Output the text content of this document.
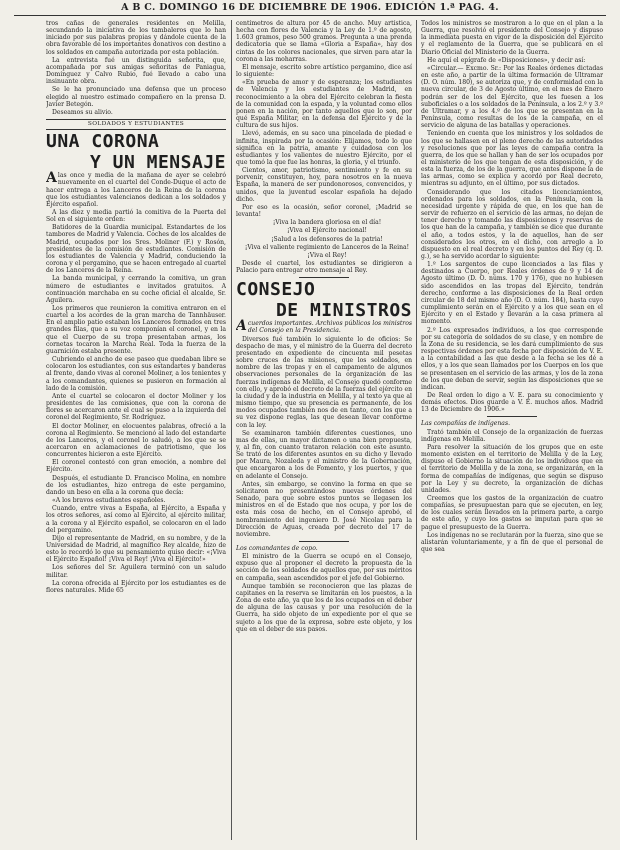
A B C. DOMINGO 16 DE DICIEMBRE DE 1906. EDICIÓN 1.ª PAG. 4.

tros cañas de generales residentes en Melilla, secundando la iniciativa de los tambaleros que lo han iniciado por sus palabras propias y dándole cuenta de la obra favorable de los importantes donativos con destino a los soldados en campaña autorizada por esta población.

La entrevista fué un distinguida señorita, que, acompañada por sus amigas señoritas de Paniagua, Dominguez y Calvo Rubio, fué llevado a cabo una insinuante obra.

Se le ha pronunciado una defensa que un proceso elegido al nuestro estimado compañero en la prensa D. Javier Betegón.

Deseamos su alivio.

SOLDADOS Y ESTUDIANTES
UNA CORONA
Y UN MENSAJE

Alas once y media de la mañana de ayer se celebró nuevamente en el cuartel del Conde-Duque el acto de hacer entrega a los Lanceros de la Reina de la corona que los estudiantes valencianos dedican a los soldados y Ejército español.

A las diez y media partió la comitiva de la Puerta del Sol en el siguiente orden:

Batidores de la Guardia municipal. Estandartes de los tambores de Madrid y Valencia. Coches de los alcaldes de Madrid, ocupados por los Sres. Moliner (F.) y Rosón, presidentes de la comisión de estudiantes. Comisión de los estudiantes de Valencia y Madrid, conduciendo la corona y el pergamino, que se hacen entregado al cuartel de los Lanceros de la Reina.

La banda municipal, y cerrando la comitiva, un gran número de estudiantes e invitados gratuitos. A continuación marchaba en su coche oficial el alcalde, Sr. Aguilera.

Los primeros que reunieron la comitiva entraron en el cuartel a los acordes de la gran marcha de Tannhäuser. En el amplio patio estaban los Lanceros formados en tres grandes filas, que a su voz componían el coronel, y en la que el Cuerpo de su tropa presentaban armas, los cornetas tocaron la Marcha Real. Toda la fuerza de la guarnición estaba presente.

Cubriendo el ancho de ese paseo que quedaban libre se colocaron los estudiantes, con sus estandartes y banderas al frente, dando vivas al coronel Moliner, a los tenientes y a los comandantes, quienes se pusieron en formación al lado de la comisión.

Ante el cuartel se colocaron el doctor Moliner y los presidentes de las comisiones, que con la corona de flores se acercaron ante el cual se puso a la izquierda del coronel del Regimiento, Sr. Rodríguez.

El doctor Moliner, en elocuentes palabras, ofreció a la corona al Regimiento. Se mencionó al lado del estandarte de los Lanceros, y el coronel lo saludó, a los que se se acercaron en aclamaciones de patriotismo, que los concurrentes hicieron a este Ejército.

El coronel contestó con gran emoción, a nombre del Ejército.

Después, el estudiante D. Francisco Molina, en nombre de los estudiantes, hizo entrega de este pergamino, dando un beso en ella a la corona que decía:

«A los bravos estudiantes españoles.

Cuando, entre vivas a España, al Ejército, a España y los otros señores, así como al Ejército, al ejército militar, a la corona y al Ejército español, se colocaron en el lado del pergamino.

Dijo el representante de Madrid, en su nombre, y de la Universidad de Madrid, al magnífico Rey alcalde, hizo de esto lo recordó lo que su pensamiento quiso decir: «¡Viva el Ejército Español! ¡Viva el Rey! ¡Viva el Ejército!»

Los señores del Sr. Aguilera terminó con un saludo militar.

La corona ofrecida al Ejército por los estudiantes es de flores naturales. Mide 65

centímetros de altura por 45 de ancho. Muy artística, hecha con flores de Valencia y la Ley de 1.º de agosto, 1.603 gramos, peso 500 gramos. Pregunta a una prenda dedicatoria que se llama «Gloria a España», hay dos cintas de los colores nacionales, que sirven para atar la corona a las moharras.

El mensaje, escrito sobre artístico pergamino, dice así lo siguiente:

«En prueba de amor y de esperanza; los estudiantes de Valencia y los estudiantes de Madrid, en reconocimiento a la obra del Ejército celebran la fiesta de la comunidad con la espada, y la voluntad como ellos ponen en la nación, por tanto aquellos que lo son, por qué España Militar, en la defensa del Ejército y de la cultura de sus hijos.

Llevó, además, en su saco una pincelada de piedad e infinita, inspirada por la ocasión: Elijamos, todo lo que significa en la patria, amante y cuidadosa con los estudiantes y los valientes de nuestro Ejército, por el que tomó la que fue las honras, la gloria, y el triunfo.

Cientos, amor, patriotismo, sentimiento y fe en su porvenir, constituyen, hoy, para nosotros en la nueva España, la manera de ser pundonorosos, convencidos, y unidos, que la juventud escolar española ha dejado dicho.

Por eso es la ocasión, señor coronel, ¡Madrid se levanta!

¡Viva la bandera gloriosa en el día!

¡Viva el Ejército nacional!

¡Salud a los defensores de la patria!

¡Viva el valiente regimiento de Lanceros de la Reina!

¡Viva el Rey!

Desde el cuartel, los estudiantes se dirigieron a Palacio para entregar otro mensaje al Rey.

CONSEJO
DE MINISTROS

Acuerdos importantes. Archivos públicos los ministros del Consejo en la Presidencia.

Diversos fué también lo siguiente lo de oficios: Se despacho de mas, y el ministro de la Guerra del decreto presentado en expediente de cincuenta mil pesetas sobre cruces de las misiones, que los soldados, en nombre de las tropas y en el campamento de algunos observaciones personales de la organización de las fuerzas indígenas de Melilla, el Consejo quedó conforme con ello, y aprobó el decreto de la fuerzas del ejército en la ciudad y de la industria en Melilla, y al texto ya que al mismo tiempo, que su presencia es permanente, de los modos ocupados también nos de en tanto, con los que a su vez dispone reglas, las que desean llevar conforme con la ley.

Se examinaron también diferentes cuestiones, uno mas de ellas, un mayor dictamen o una bien propuesta, y, al fin, con cuanto trataron relación con este asunto. Se trató de los diferentes asuntos en su dicho y llevado por Maura, Nozaleda y el ministro de la Gobernación, que encargaron a los de Fomento, y los puertos, y que en adelante el Consejo.

Antes, sin embargo, se convino la forma en que se solicitaron no presentándose nuevas órdenes del Senado, para que sobre estos puntos se llegasen los ministros en el de Estado que nos ocupa, y por los de esta más cosa de hecho, en el Consejo aprobó, el nombramiento del ingeniero D. José Nicolau para la Dirección de Aguas, creada por decreto del 17 de noviembre.

Los comandantes de copo.

El ministro de la Guerra se ocupó en el Consejo, expuso que al proponer el decreto la propuesta de la sección de los soldados de aquellos que, por sus méritos en campaña, sean ascendidos por el jefe del Gobierno.

Aunque también se reconocieron que las plazas de capitanes en la reserva se limitarán en los puestos, a la Zona de este año, ya que los de los ocupados en el deber de alguna de las causas y por una resolución de la Guerra, ha sido objeto de un expediente por el que se sujeto a los que de la expresa, sobre este objeto, y los que en el deber de sus pasos.

Todos los ministros se mostraron a lo que en el plan a la Guerra, que resolvió el presidente del Consejo y dispuso la inmediata puesta en vigor de la disposición del Ejército y el reglamento de la Guerra, que se publicará en el Diario Oficial del Ministerio de la Guerra.

He aquí el epígrafe de «Disposiciones», y decir así:

«Circular.— Excmo. Sr.: Por las Reales órdenes dictadas en este año, a partir de la última formación de Ultramar (D. O. núm. 180), se autoriza que, y de conformidad con la nueva circular, de 3 de Agosto último, en el mes de Enero podrán ser de los del Ejército, que les fuesen a los suboficiales o a los soldados de la Península, a los 2.º y 3.º de Ultramar, y a los 4.º de los que se presentan en la Península, como resultas de los de la campaña, en el servicio de alguna de las batallas y operaciones.

Teniendo en cuenta que los ministros y los soldados de los que se hallasen en el pleno derecho de las autoridades y resoluciones que por las leyes de campaña contra la guerra, de los que se hallan y han de ser los ocupados por el ministerio de los que tengan de esta disposición, y de esta la fuerza, de los de la guerra, que antes dispone la de las armas, como se explica y acordó por Real decreto, mientras su adjunto, en el último, por sus dictados.

Considerando que los citados licenciamientos, ordenados para los soldados, en la Península, con la necesidad urgente y rápida de que, en los que han de servir de refuerzo en el servicio de las armas, no dejan de tener derecho y tomando las disposiciones y reservas de los que han de la campaña, y también se dice que durante el año, a todos estos, y la de aquellos, han de ser considerados los otros, en el dicho, con arreglo a lo dispuesto en el real decreto y en los puntos del Rey (q. D. g.), se ha servido acordar lo siguiente:

1.º Los sargentos de cupo licenciados a las filas y destinados a Cuerpo, por Reales órdenes de 9 y 14 de Agosto último (D. O. núms. 170 y 176), que no hubiesen sido ascendidos en las tropas del Ejército, tendrán derecho, conforme a las disposiciones de la Real orden circular de 18 del mismo año (D. O. núm. 184), hasta cuyo cumplimiento serán en el Ejército y a los que sean en el Ejército y en el Estado y llevarán a la casa primera al momento.

2.º Los expresados individuos, a los que corresponde por su categoría de soldados de su clase, y en nombre de la Zona de su residencia, se les dará cumplimiento de sus respectivas órdenes por esta fecha por disposición de V. E. a la contabilidad a las que desde a la fecha se les dé a ellos, y a los que sean llamados por los Cuerpos en los que se presentasen en el servicio de las armas, y los de la zona de los que deban de servir, según las disposiciones que se indican.

De Real orden lo digo a V. E. para su conocimiento y demás efectos. Dios guarde a V. E. muchos años. Madrid 13 de Diciembre de 1906.»

Las compañías de indígenas.

Trató también el Consejo de la organización de fuerzas indígenas en Melilla.

Para resolver la situación de los grupos que en este momento existen en el territorio de Melilla y de la Ley, dispuso el Gobierno la situación de los individuos que en el territorio de Melilla y de la zona, se organizarán, en la forma de compañías de indígenas, que según se dispuso por la Ley y su decreto, la organización de dichas unidades.

Creemos que los gastos de la organización de cuatro compañías, se presupuestan para que se ejecuten, en ley, de los cuales serán llevados en la primera parte, a cargo de este año, y cuyo los gastos se imputan para que se pague el presupuesto de la Guerra.

Los indígenas no se reclutarán por la fuerza, sino que se alistarán voluntariamente, y a fin de que el personal de que sea
